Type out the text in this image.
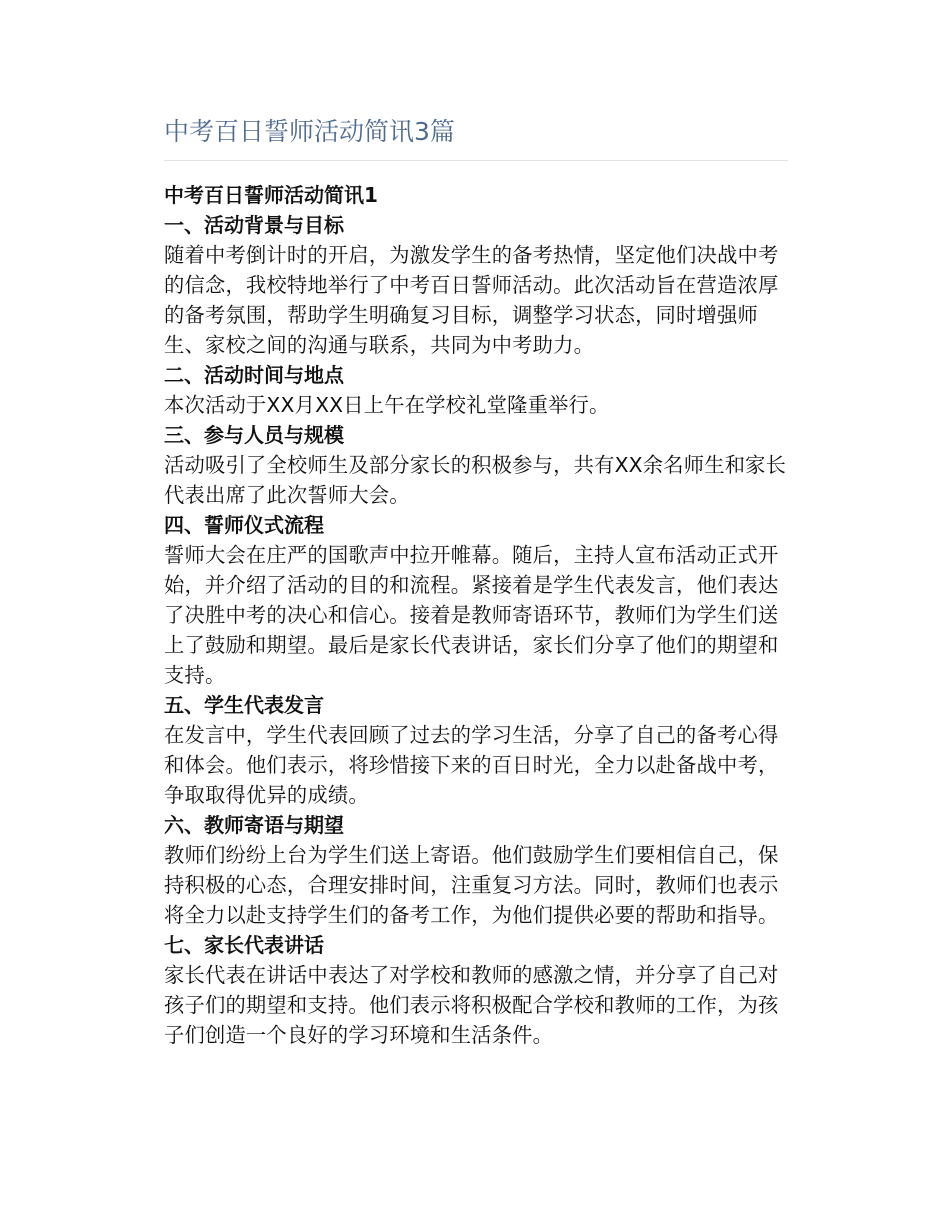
中考百日誓师活动简讯3篇
中考百日誓师活动简讯1
一、活动背景与目标

随着中考倒计时的开启，为激发学生的备考热情，坚定他们决战中考的信念，我校特地举行了中考百日誓师活动。此次活动旨在营造浓厚的备考氛围，帮助学生明确复习目标，调整学习状态，同时增强师生、家校之间的沟通与联系，共同为中考助力。

二、活动时间与地点

本次活动于XX月XX日上午在学校礼堂隆重举行。

三、参与人员与规模

活动吸引了全校师生及部分家长的积极参与，共有XX余名师生和家长代表出席了此次誓师大会。

四、誓师仪式流程

誓师大会在庄严的国歌声中拉开帷幕。随后，主持人宣布活动正式开始，并介绍了活动的目的和流程。紧接着是学生代表发言，他们表达了决胜中考的决心和信心。接着是教师寄语环节，教师们为学生们送上了鼓励和期望。最后是家长代表讲话，家长们分享了他们的期望和支持。

五、学生代表发言

在发言中，学生代表回顾了过去的学习生活，分享了自己的备考心得和体会。他们表示，将珍惜接下来的百日时光，全力以赴备战中考，争取取得优异的成绩。

六、教师寄语与期望

教师们纷纷上台为学生们送上寄语。他们鼓励学生们要相信自己，保持积极的心态，合理安排时间，注重复习方法。同时，教师们也表示将全力以赴支持学生们的备考工作，为他们提供必要的帮助和指导。

七、家长代表讲话

家长代表在讲话中表达了对学校和教师的感激之情，并分享了自己对孩子们的期望和支持。他们表示将积极配合学校和教师的工作，为孩子们创造一个良好的学习环境和生活条件。
